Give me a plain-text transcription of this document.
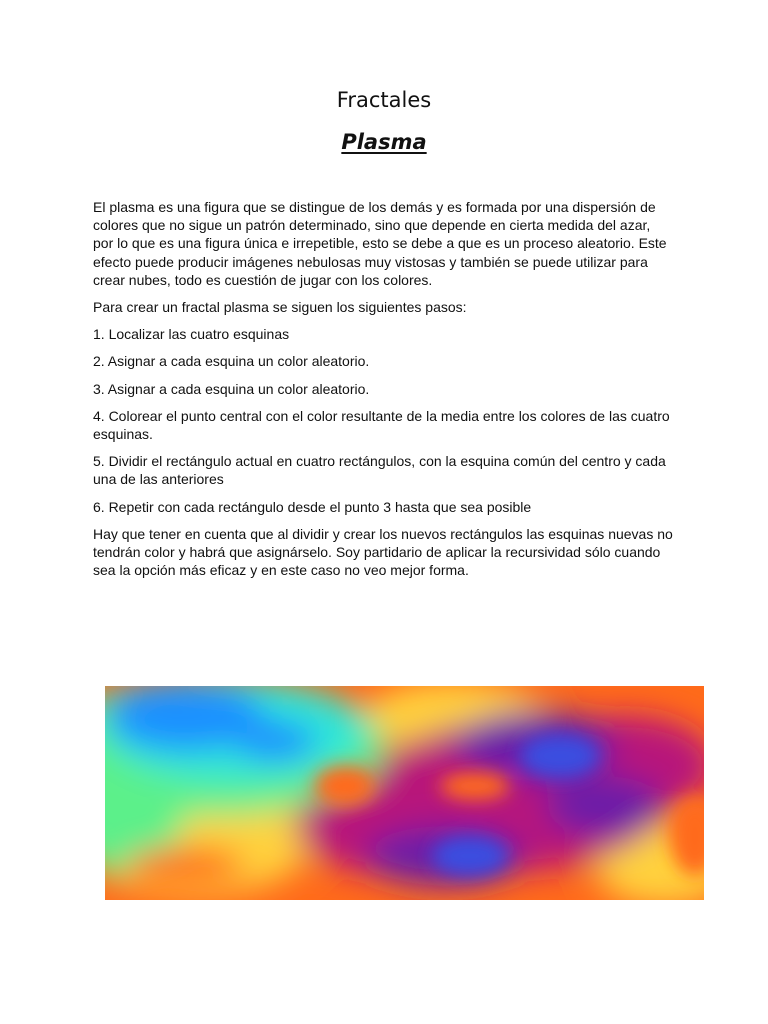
Fractales
Plasma

El plasma es una figura que se distingue de los demás y es formada por una dispersión de colores que no sigue un patrón determinado, sino que depende en cierta medida del azar, por lo que es una figura única e irrepetible, esto se debe a que es un proceso aleatorio. Este efecto puede producir imágenes nebulosas muy vistosas y también se puede utilizar para crear nubes, todo es cuestión de jugar con los colores.

Para crear un fractal plasma se siguen los siguientes pasos:

1. Localizar las cuatro esquinas

2. Asignar a cada esquina un color aleatorio.

3. Asignar a cada esquina un color aleatorio.

4. Colorear el punto central con el color resultante de la media entre los colores de las cuatro esquinas.

5. Dividir el rectángulo actual en cuatro rectángulos, con la esquina común del centro y cada una de las anteriores

6. Repetir con cada rectángulo desde el punto 3 hasta que sea posible

Hay que tener en cuenta que al dividir y crear los nuevos rectángulos las esquinas nuevas no tendrán color y habrá que asignárselo. Soy partidario de aplicar la recursividad sólo cuando sea la opción más eficaz y en este caso no veo mejor forma.
